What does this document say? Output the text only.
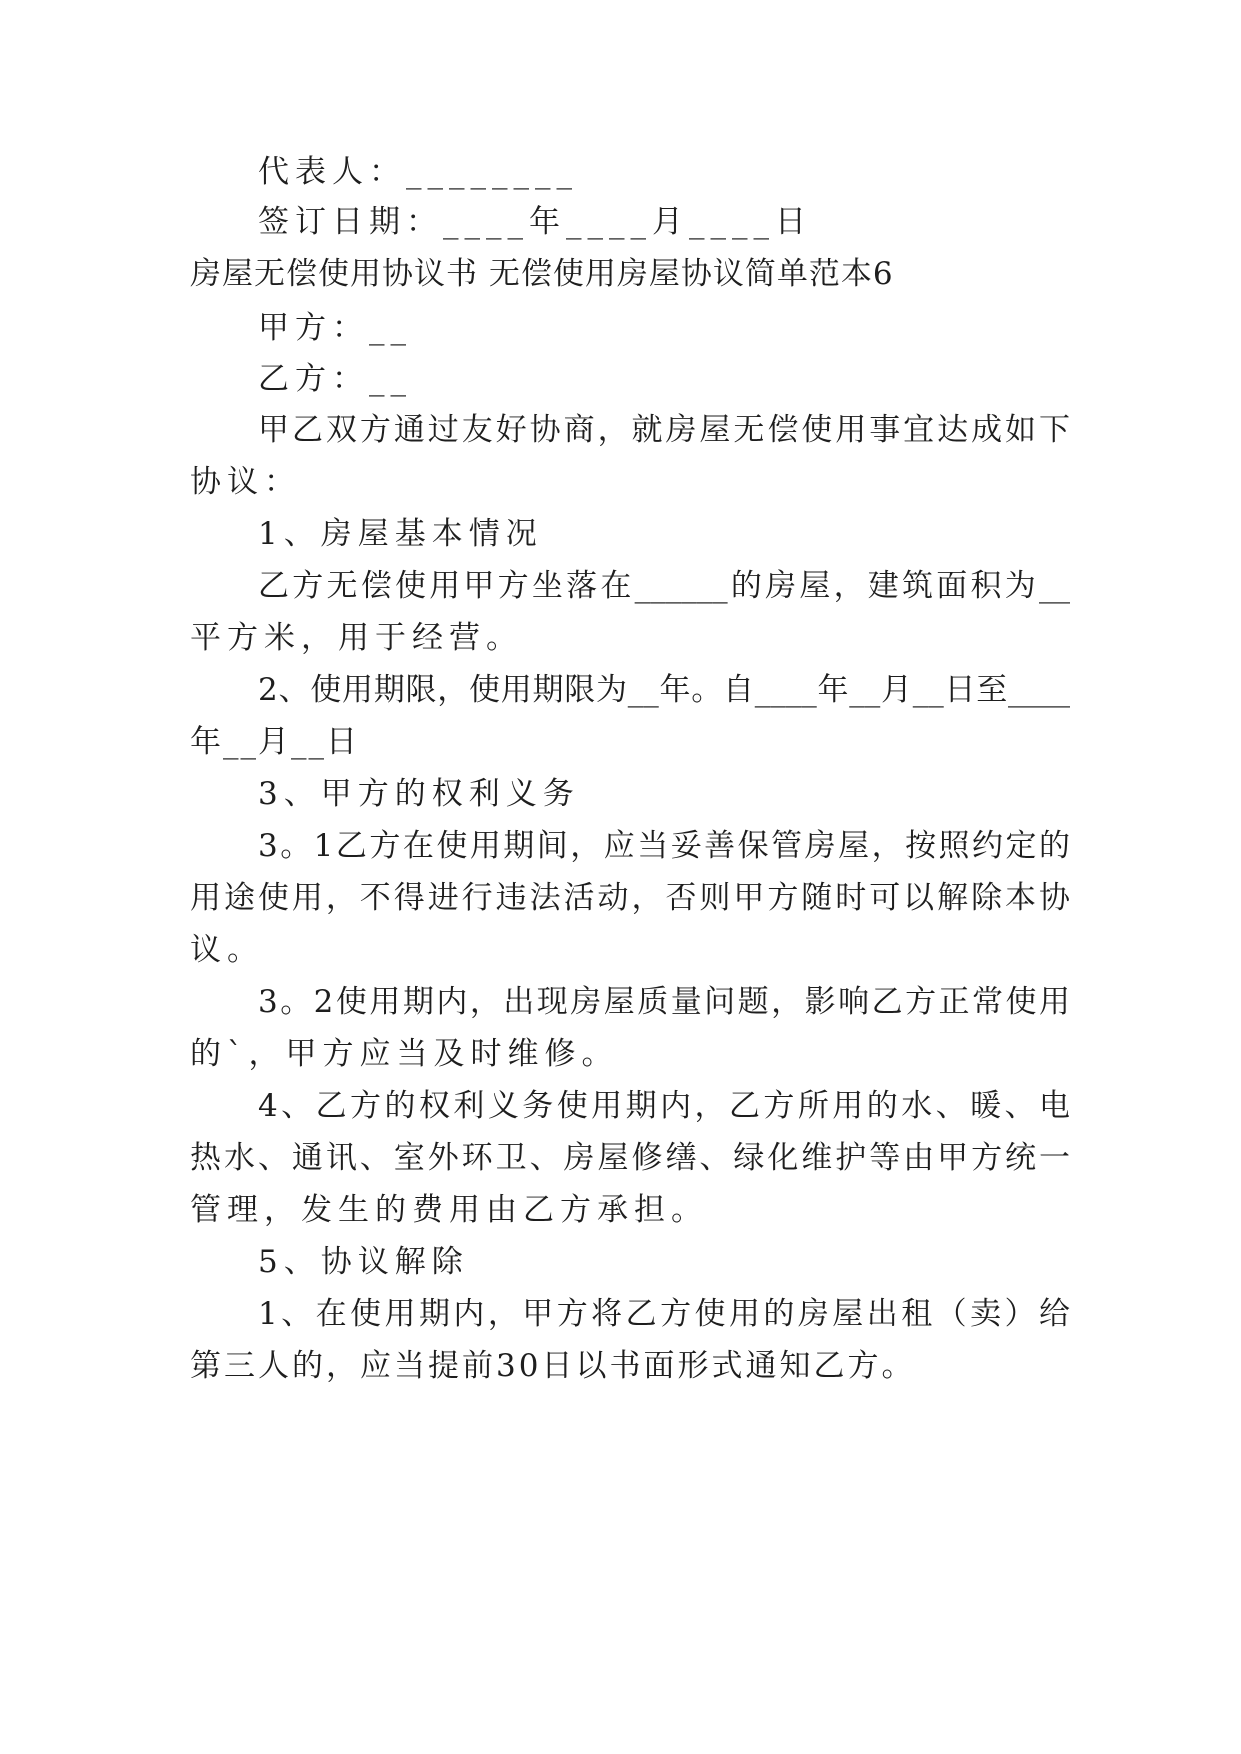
代表人：________
签订日期：____年____月____日
房屋无偿使用协议书 无偿使用房屋协议简单范本6
甲方：__
乙方：__
甲乙双方通过友好协商，就房屋无偿使用事宜达成如下
协议：
1、房屋基本情况
乙方无偿使用甲方坐落在______的房屋，建筑面积为__
平方米，用于经营。
2、使用期限，使用期限为__年。自____年__月__日至____
年__月__日
3、甲方的权利义务
3。1乙方在使用期间，应当妥善保管房屋，按照约定的
用途使用，不得进行违法活动，否则甲方随时可以解除本协
议。
3。2使用期内，出现房屋质量问题，影响乙方正常使用
的`，甲方应当及时维修。
4、乙方的权利义务使用期内，乙方所用的水、暖、电
热水、通讯、室外环卫、房屋修缮、绿化维护等由甲方统一
管理，发生的费用由乙方承担。
5、协议解除
1、在使用期内，甲方将乙方使用的房屋出租（卖）给
第三人的，应当提前30日以书面形式通知乙方。
